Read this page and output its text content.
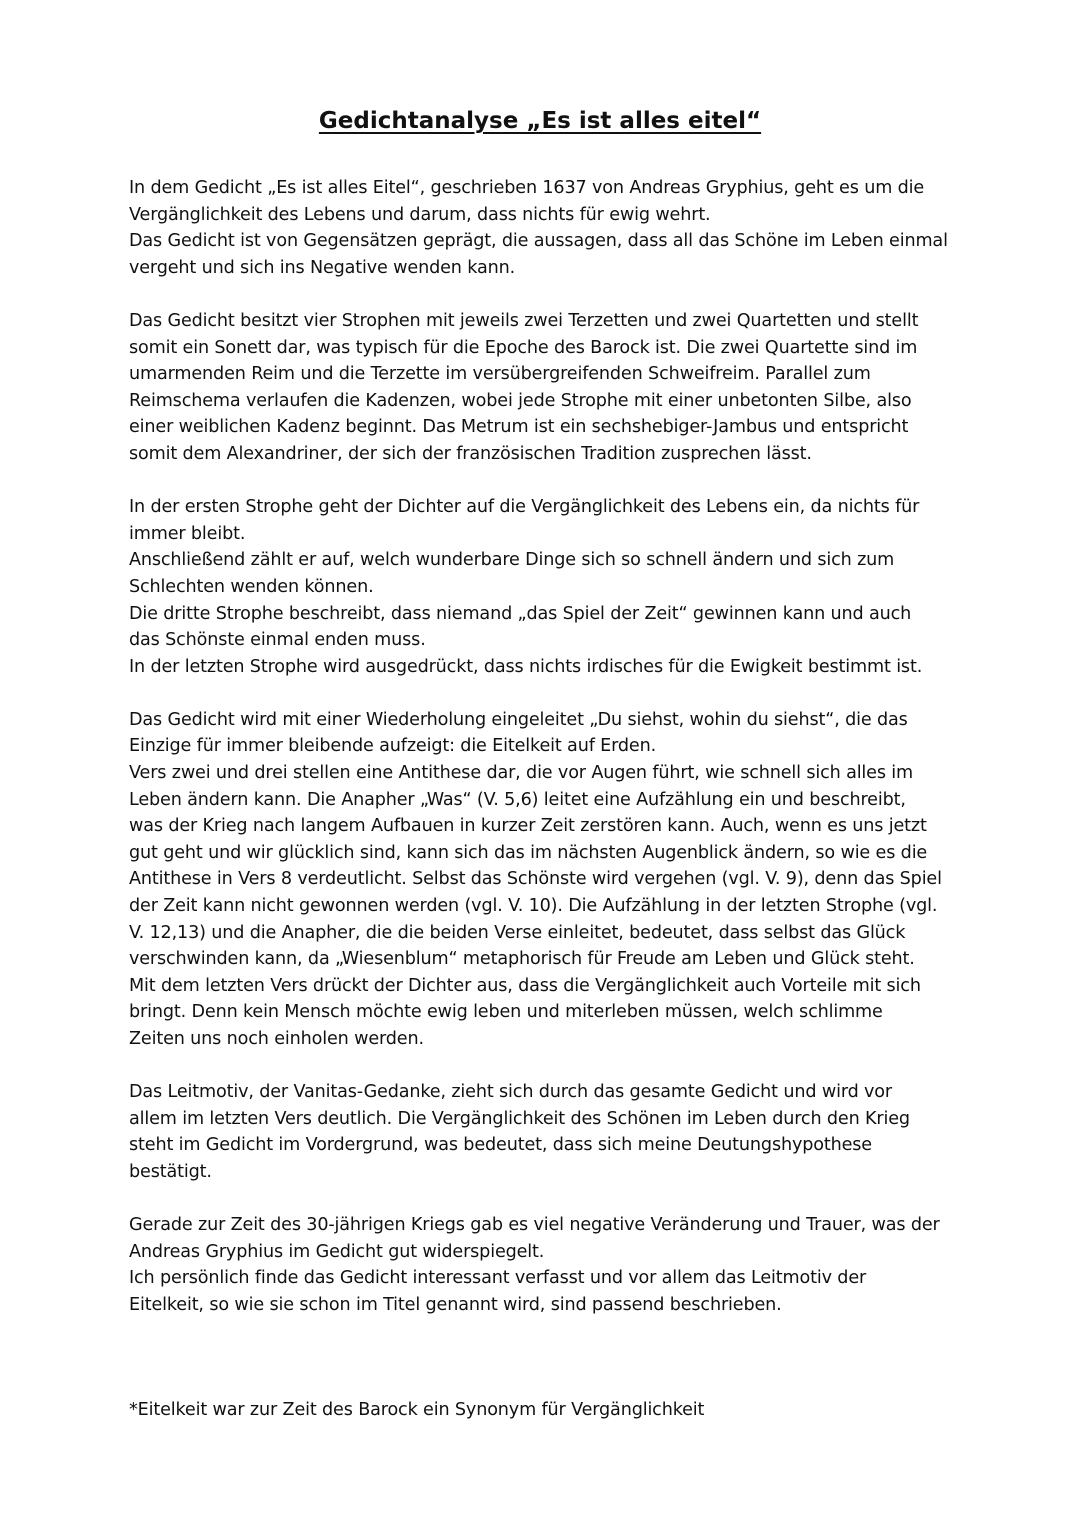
Gedichtanalyse „Es ist alles eitel“
In dem Gedicht „Es ist alles Eitel“, geschrieben 1637 von Andreas Gryphius, geht es um die
Vergänglichkeit des Lebens und darum, dass nichts für ewig wehrt.
Das Gedicht ist von Gegensätzen geprägt, die aussagen, dass all das Schöne im Leben einmal
vergeht und sich ins Negative wenden kann.
Das Gedicht besitzt vier Strophen mit jeweils zwei Terzetten und zwei Quartetten und stellt
somit ein Sonett dar, was typisch für die Epoche des Barock ist. Die zwei Quartette sind im
umarmenden Reim und die Terzette im versübergreifenden Schweifreim. Parallel zum
Reimschema verlaufen die Kadenzen, wobei jede Strophe mit einer unbetonten Silbe, also
einer weiblichen Kadenz beginnt. Das Metrum ist ein sechshebiger-Jambus und entspricht
somit dem Alexandriner, der sich der französischen Tradition zusprechen lässt.
In der ersten Strophe geht der Dichter auf die Vergänglichkeit des Lebens ein, da nichts für
immer bleibt.
Anschließend zählt er auf, welch wunderbare Dinge sich so schnell ändern und sich zum
Schlechten wenden können.
Die dritte Strophe beschreibt, dass niemand „das Spiel der Zeit“ gewinnen kann und auch
das Schönste einmal enden muss.
In der letzten Strophe wird ausgedrückt, dass nichts irdisches für die Ewigkeit bestimmt ist.
Das Gedicht wird mit einer Wiederholung eingeleitet „Du siehst, wohin du siehst“, die das
Einzige für immer bleibende aufzeigt: die Eitelkeit auf Erden.
Vers zwei und drei stellen eine Antithese dar, die vor Augen führt, wie schnell sich alles im
Leben ändern kann. Die Anapher „Was“ (V. 5,6) leitet eine Aufzählung ein und beschreibt,
was der Krieg nach langem Aufbauen in kurzer Zeit zerstören kann. Auch, wenn es uns jetzt
gut geht und wir glücklich sind, kann sich das im nächsten Augenblick ändern, so wie es die
Antithese in Vers 8 verdeutlicht. Selbst das Schönste wird vergehen (vgl. V. 9), denn das Spiel
der Zeit kann nicht gewonnen werden (vgl. V. 10). Die Aufzählung in der letzten Strophe (vgl.
V. 12,13) und die Anapher, die die beiden Verse einleitet, bedeutet, dass selbst das Glück
verschwinden kann, da „Wiesenblum“ metaphorisch für Freude am Leben und Glück steht.
Mit dem letzten Vers drückt der Dichter aus, dass die Vergänglichkeit auch Vorteile mit sich
bringt. Denn kein Mensch möchte ewig leben und miterleben müssen, welch schlimme
Zeiten uns noch einholen werden.
Das Leitmotiv, der Vanitas-Gedanke, zieht sich durch das gesamte Gedicht und wird vor
allem im letzten Vers deutlich. Die Vergänglichkeit des Schönen im Leben durch den Krieg
steht im Gedicht im Vordergrund, was bedeutet, dass sich meine Deutungshypothese
bestätigt.
Gerade zur Zeit des 30-jährigen Kriegs gab es viel negative Veränderung und Trauer, was der
Andreas Gryphius im Gedicht gut widerspiegelt.
Ich persönlich finde das Gedicht interessant verfasst und vor allem das Leitmotiv der
Eitelkeit, so wie sie schon im Titel genannt wird, sind passend beschrieben.
*Eitelkeit war zur Zeit des Barock ein Synonym für Vergänglichkeit
